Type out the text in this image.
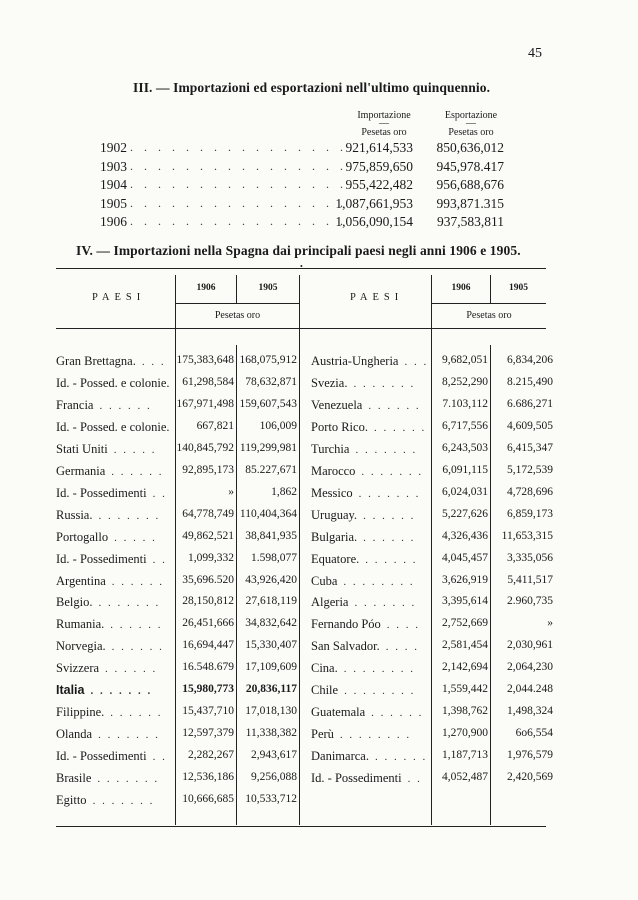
45
III. — Importazioni ed esportazioni nell'ultimo quinquennio.
Importazione
—
Pesetas oro
Esportazione
—
Pesetas oro
1902 . . . . . . . . . . . . . . . .
921,614,533	850,636,012
1903 . . . . . . . . . . . . . . . .
975,859,650	945,978.417
1904 . . . . . . . . . . . . . . . .
955,422,482	956,688,676
1905 . . . . . . . . . . . . . . . .
1,087,661,953	993,871.315
1906 . . . . . . . . . . . . . . . .
1,056,090,154	937,583,811
IV. — Importazioni nella Spagna dai principali paesi negli anni 1906 e 1905.
•
PAESI
1906	1905
Pesetas oro
PAESI
1906	1905
Pesetas oro
Gran Brettagna. . . . 175,383,648 168,075,912
Id. - Possed. e colonie.	61,298,584 78,632,871
Francia . . . . . . 167,971,498 159,607,543
Id. - Possed. e colonie.	667,821	106,009
Stati Uniti . . . . . 140,845,792 119,299,981
Germania . . . . . .	92,895,173 85.227,671
Id. - Possedimenti . .	»	1,862
Russia. . . . . . . .	64,778,749 110,404,364
Portogallo . . . . .	49,862,521 38,841,935
Id. - Possedimenti . .	1,099,332	1.598,077
Argentina . . . . . .	35,696.520 43,926,420
Belgio. . . . . . . .	28,150,812	27,618,119
Rumania. . . . . . .	26,451,666 34,832,642
Norvegia. . . . . . .	16,694,447 15,330,407
Svizzera . . . . . .	16.548.679 17,109,609
Italia . . . . . . .	15,980,773	20,836,117
Filippine. . . . . . .	15,437,710 17,018,130
Olanda . . . . . . .	12,597,379	11,338,382
Id. - Possedimenti . .	2,282,267	2,943,617
Brasile . . . . . . .	12,536,186	9,256,088
Egitto . . . . . . .	10,666,685 10,533,712
Austria-Ungheria . . .	9,682,051	6,834,206
Svezia. . . . . . . .	8,252,290	8.215,490
Venezuela . . . . . .	7.103,112	6.686,271
Porto Rico. . . . . . .	6,717,556	4,609,505
Turchia . . . . . . .	6,243,503	6,415,347
Marocco . . . . . . .	6,091,115	5,172,539
Messico . . . . . . .	6,024,031	4,728,696
Uruguay. . . . . . .	5,227,626	6,859,173
Bulgaria. . . . . . .	4,326,436	11,653,315
Equatore. . . . . . .	4,045,457	3,335,056
Cuba . . . . . . . .	3,626,919	5,411,517
Algeria . . . . . . .	3,395,614	2.960,735
Fernando Póo . . . .	2,752,669	»
San Salvador. . . . .	2,581,454	2,030,961
Cina. . . . . . . . .	2,142,694	2,064,230
Chile . . . . . . . .	1,559,442	2,044.248
Guatemala . . . . . .	1,398,762	1,498,324
Perù . . . . . . . .	1,270,900	6o6,554
Danimarca. . . . . . .	1,187,713	1,976,579
Id. - Possedimenti . .	4,052,487	2,420,569
